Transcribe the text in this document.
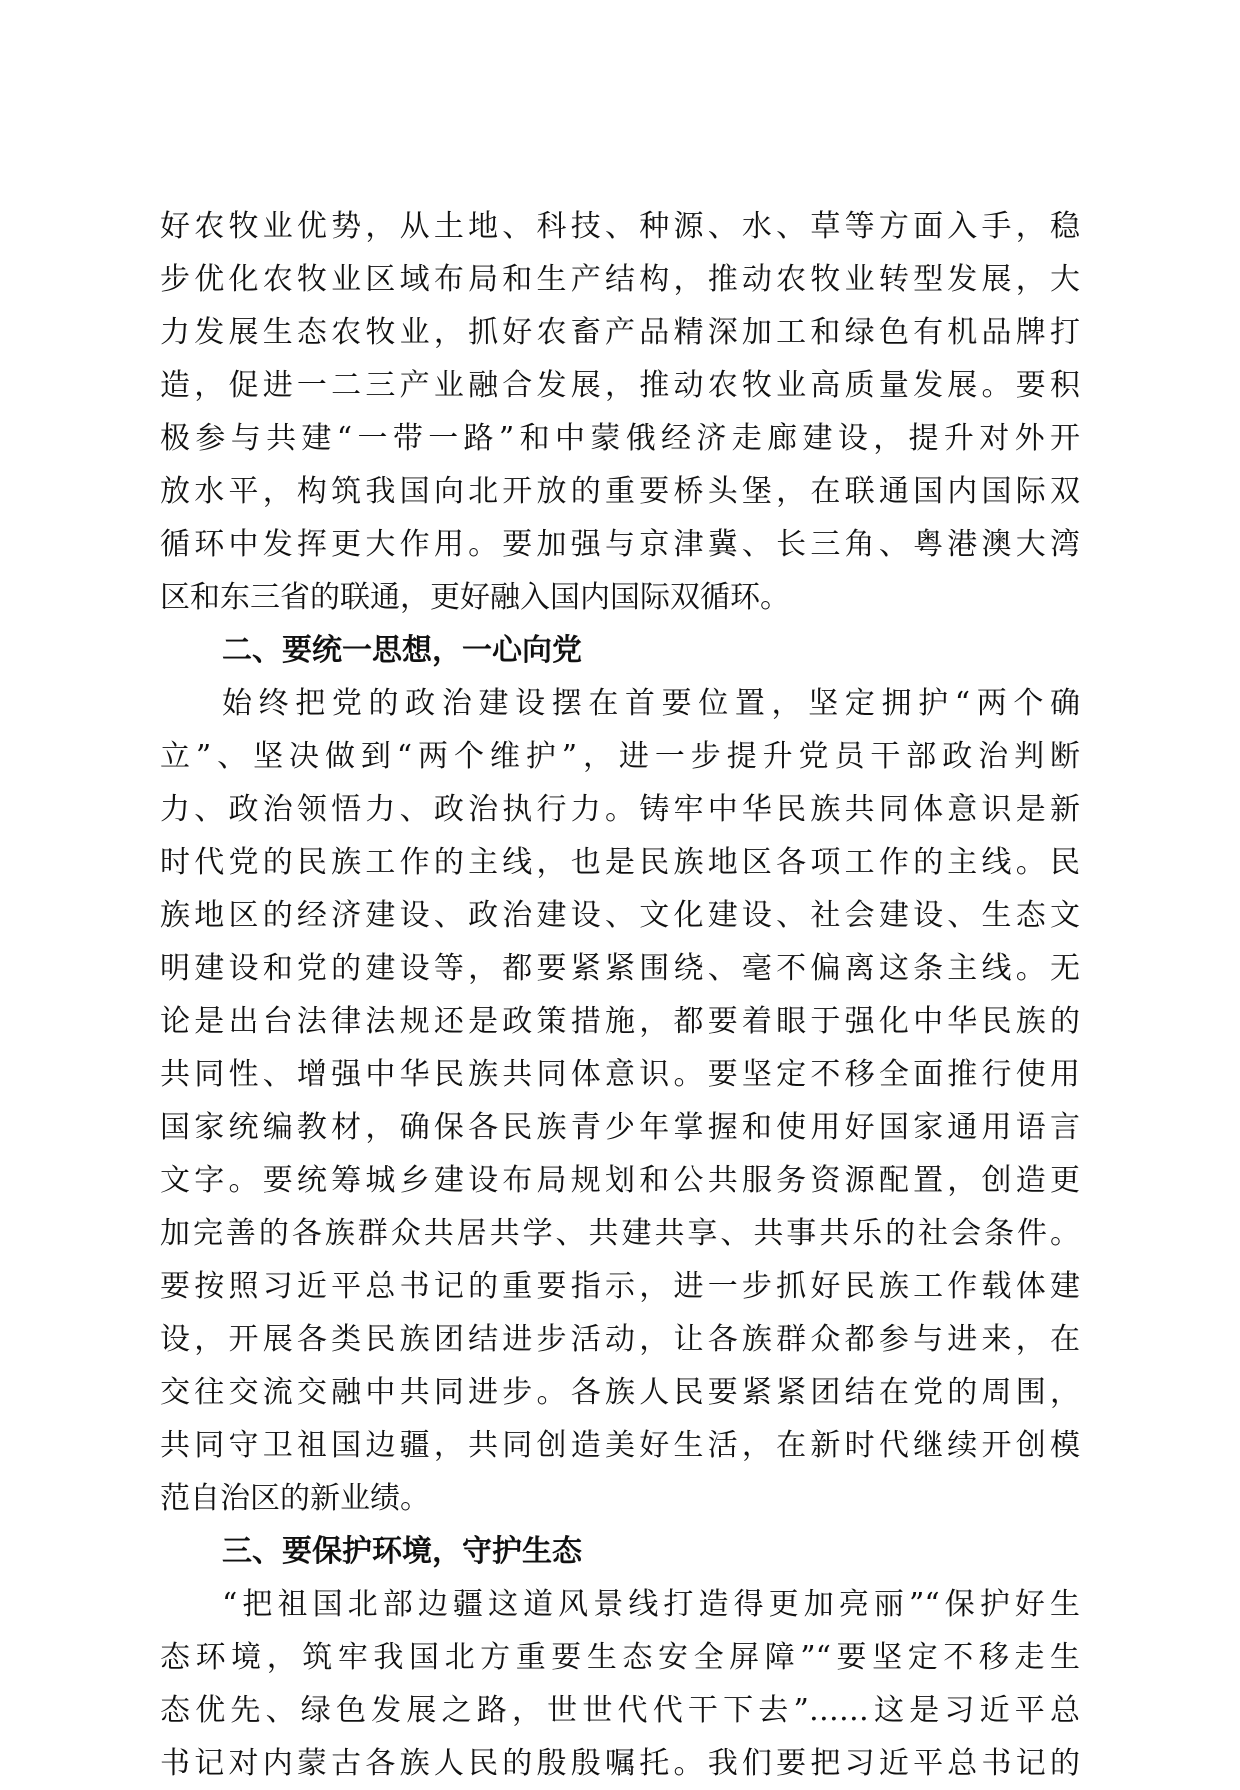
好农牧业优势，从土地、科技、种源、水、草等方面入手，稳
步优化农牧业区域布局和生产结构，推动农牧业转型发展，大
力发展生态农牧业，抓好农畜产品精深加工和绿色有机品牌打
造，促进一二三产业融合发展，推动农牧业高质量发展。要积
极参与共建“一带一路”和中蒙俄经济走廊建设，提升对外开
放水平，构筑我国向北开放的重要桥头堡，在联通国内国际双
循环中发挥更大作用。要加强与京津冀、长三角、粤港澳大湾
区和东三省的联通，更好融入国内国际双循环。
二、要统一思想，一心向党
始终把党的政治建设摆在首要位置，坚定拥护“两个确
立”、坚决做到“两个维护”，进一步提升党员干部政治判断
力、政治领悟力、政治执行力。铸牢中华民族共同体意识是新
时代党的民族工作的主线，也是民族地区各项工作的主线。民
族地区的经济建设、政治建设、文化建设、社会建设、生态文
明建设和党的建设等，都要紧紧围绕、毫不偏离这条主线。无
论是出台法律法规还是政策措施，都要着眼于强化中华民族的
共同性、增强中华民族共同体意识。要坚定不移全面推行使用
国家统编教材，确保各民族青少年掌握和使用好国家通用语言
文字。要统筹城乡建设布局规划和公共服务资源配置，创造更
加完善的各族群众共居共学、共建共享、共事共乐的社会条件。
要按照习近平总书记的重要指示，进一步抓好民族工作载体建
设，开展各类民族团结进步活动，让各族群众都参与进来，在
交往交流交融中共同进步。各族人民要紧紧团结在党的周围，
共同守卫祖国边疆，共同创造美好生活，在新时代继续开创模
范自治区的新业绩。
三、要保护环境，守护生态
“把祖国北部边疆这道风景线打造得更加亮丽”“保护好生
态环境，筑牢我国北方重要生态安全屏障”“要坚定不移走生
态优先、绿色发展之路，世世代代干下去”……这是习近平总
书记对内蒙古各族人民的殷殷嘱托。我们要把习近平总书记的
